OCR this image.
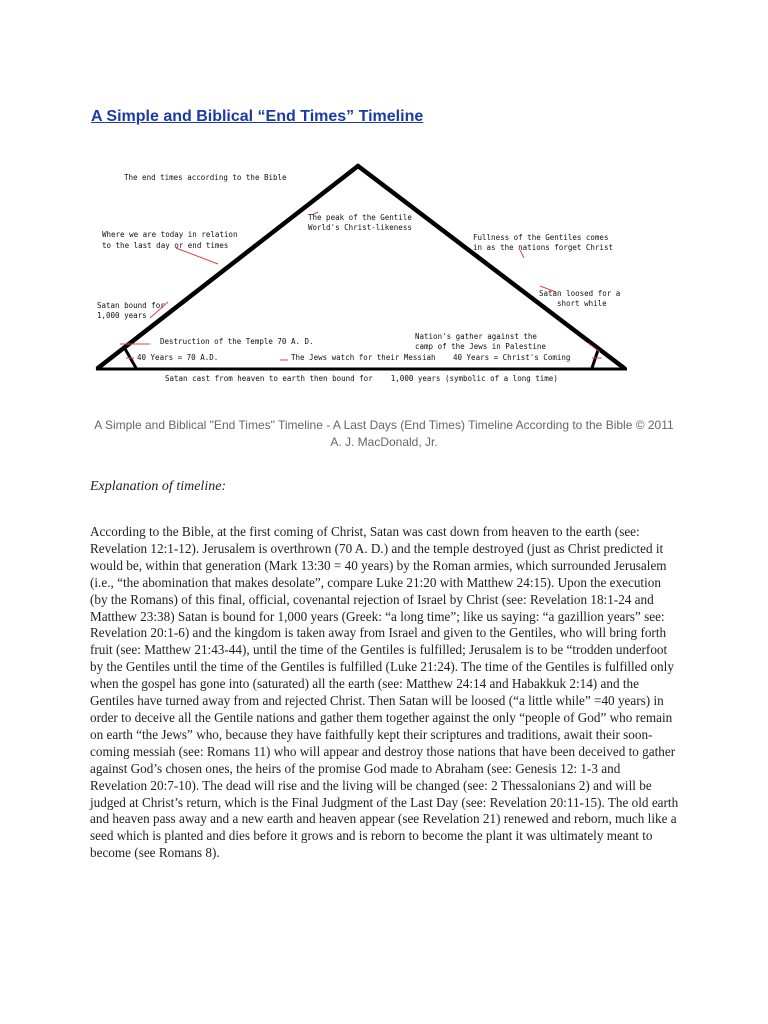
A Simple and Biblical “End Times” Timeline
The end times according to the Bible
The peak of the Gentile
World's Christ-likeness
Where we are today in relation
to the last day or end times
Fullness of the Gentiles comes
in as the nations forget Christ
Satan bound for
1,000 years
Satan loosed for a
short while
Destruction of the Temple 70 A. D.
Nation's gather against the
camp of the Jews in Palestine
40 Years = 70 A.D.	The Jews watch for their Messiah 40 Years = Christ's Coming
Satan cast from heaven to earth then bound for    1,000 years (symbolic of a long time)

A Simple and Biblical "End Times" Timeline - A Last Days (End Times) Timeline According to the Bible © 2011 A. J. MacDonald, Jr.

Explanation of timeline:

According to the Bible, at the first coming of Christ, Satan was cast down from heaven to the earth (see: Revelation 12:1-12). Jerusalem is overthrown (70 A. D.) and the temple destroyed (just as Christ predicted it would be, within that generation (Mark 13:30 = 40 years) by the Roman armies, which surrounded Jerusalem (i.e., “the abomination that makes desolate”, compare Luke 21:20 with Matthew 24:15). Upon the execution (by the Romans) of this final, official, covenantal rejection of Israel by Christ (see: Revelation 18:1-24 and Matthew 23:38) Satan is bound for 1,000 years (Greek: “a long time”; like us saying: “a gazillion years” see: Revelation 20:1-6) and the kingdom is taken away from Israel and given to the Gentiles, who will bring forth fruit (see: Matthew 21:43-44), until the time of the Gentiles is fulfilled; Jerusalem is to be “trodden underfoot by the Gentiles until the time of the Gentiles is fulfilled (Luke 21:24). The time of the Gentiles is fulfilled only when the gospel has gone into (saturated) all the earth (see: Matthew 24:14 and Habakkuk 2:14) and the Gentiles have turned away from and rejected Christ. Then Satan will be loosed (“a little while” =40 years) in order to deceive all the Gentile nations and gather them together against the only “people of God” who remain on earth “the Jews” who, because they have faithfully kept their scriptures and traditions, await their soon-coming messiah (see: Romans 11) who will appear and destroy those nations that have been deceived to gather against God’s chosen ones, the heirs of the promise God made to Abraham (see: Genesis 12: 1-3 and Revelation 20:7-10). The dead will rise and the living will be changed (see: 2 Thessalonians 2) and will be judged at Christ’s return, which is the Final Judgment of the Last Day (see: Revelation 20:11-15). The old earth and heaven pass away and a new earth and heaven appear (see Revelation 21) renewed and reborn, much like a seed which is planted and dies before it grows and is reborn to become the plant it was ultimately meant to become (see Romans 8).
